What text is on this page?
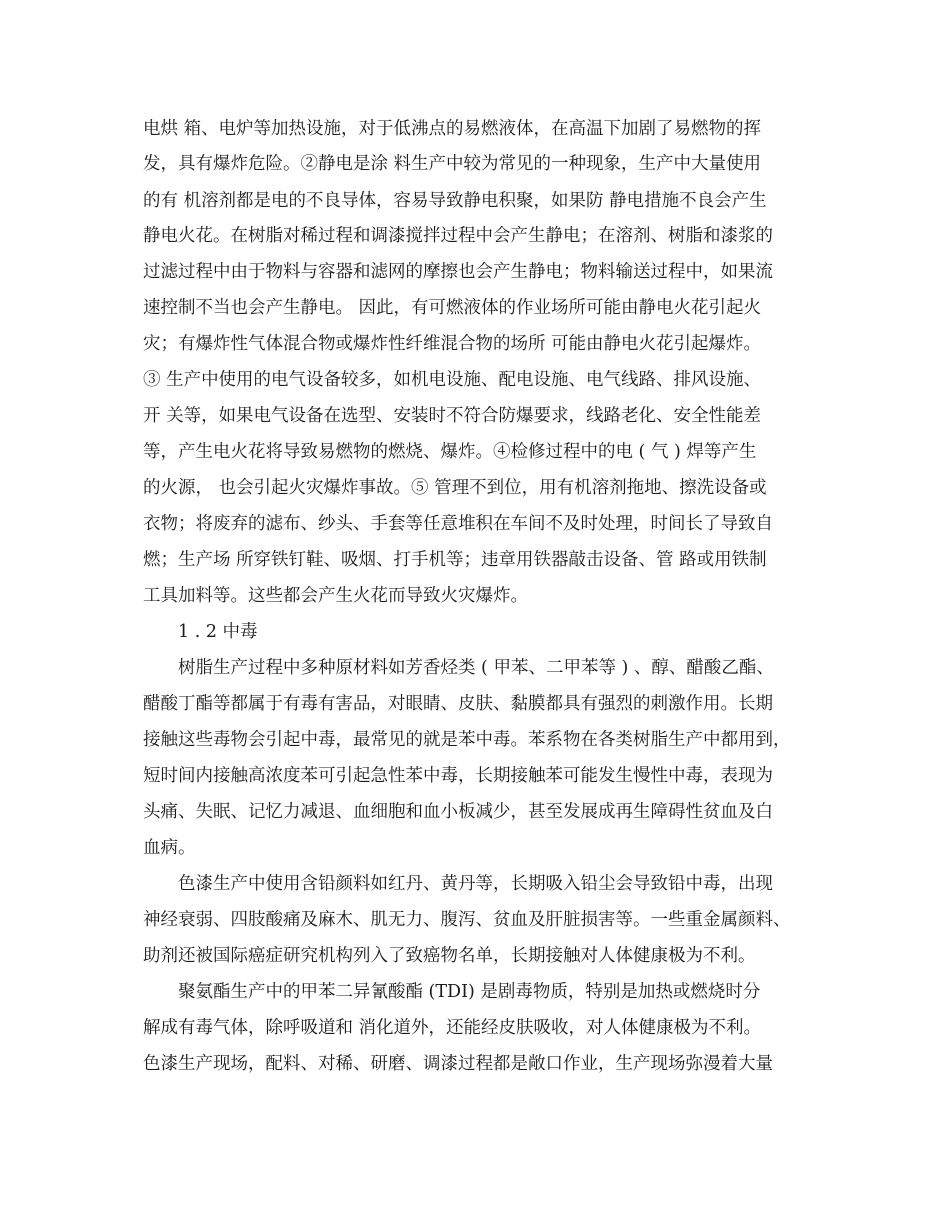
电烘 箱、电炉等加热设施，对于低沸点的易燃液体，在高温下加剧了易燃物的挥
发，具有爆炸危险。②静电是涂 料生产中较为常见的一种现象，生产中大量使用
的有 机溶剂都是电的不良导体，容易导致静电积聚，如果防 静电措施不良会产生
静电火花。在树脂对稀过程和调漆搅拌过程中会产生静电；在溶剂、树脂和漆浆的
过滤过程中由于物料与容器和滤网的摩擦也会产生静电；物料输送过程中，如果流
速控制不当也会产生静电。 因此，有可燃液体的作业场所可能由静电火花引起火
灾；有爆炸性气体混合物或爆炸性纤维混合物的场所 可能由静电火花引起爆炸。
③ 生产中使用的电气设备较多，如机电设施、配电设施、电气线路、排风设施、
开 关等，如果电气设备在选型、安装时不符合防爆要求，线路老化、安全性能差
等，产生电火花将导致易燃物的燃烧、爆炸。④检修过程中的电 ( 气 ) 焊等产生
的火源， 也会引起火灾爆炸事故。⑤ 管理不到位，用有机溶剂拖地、擦洗设备或
衣物；将废弃的滤布、纱头、手套等任意堆积在车间不及时处理，时间长了导致自
燃；生产场 所穿铁钉鞋、吸烟、打手机等；违章用铁器敲击设备、管 路或用铁制
工具加料等。这些都会产生火花而导致火灾爆炸。
1 . 2 中毒
树脂生产过程中多种原材料如芳香烃类 ( 甲苯、二甲苯等 ) 、醇、醋酸乙酯、
醋酸丁酯等都属于有毒有害品，对眼睛、皮肤、黏膜都具有强烈的刺激作用。长期
接触这些毒物会引起中毒，最常见的就是苯中毒。苯系物在各类树脂生产中都用到，
短时间内接触高浓度苯可引起急性苯中毒，长期接触苯可能发生慢性中毒，表现为
头痛、失眠、记忆力减退、血细胞和血小板减少，甚至发展成再生障碍性贫血及白
血病。
色漆生产中使用含铅颜料如红丹、黄丹等，长期吸入铅尘会导致铅中毒，出现
神经衰弱、四肢酸痛及麻木、肌无力、腹泻、贫血及肝脏损害等。一些重金属颜料、
助剂还被国际癌症研究机构列入了致癌物名单，长期接触对人体健康极为不利。
聚氨酯生产中的甲苯二异氰酸酯 (TDI) 是剧毒物质，特别是加热或燃烧时分
解成有毒气体，除呼吸道和 消化道外，还能经皮肤吸收，对人体健康极为不利。
色漆生产现场，配料、对稀、研磨、调漆过程都是敞口作业，生产现场弥漫着大量
